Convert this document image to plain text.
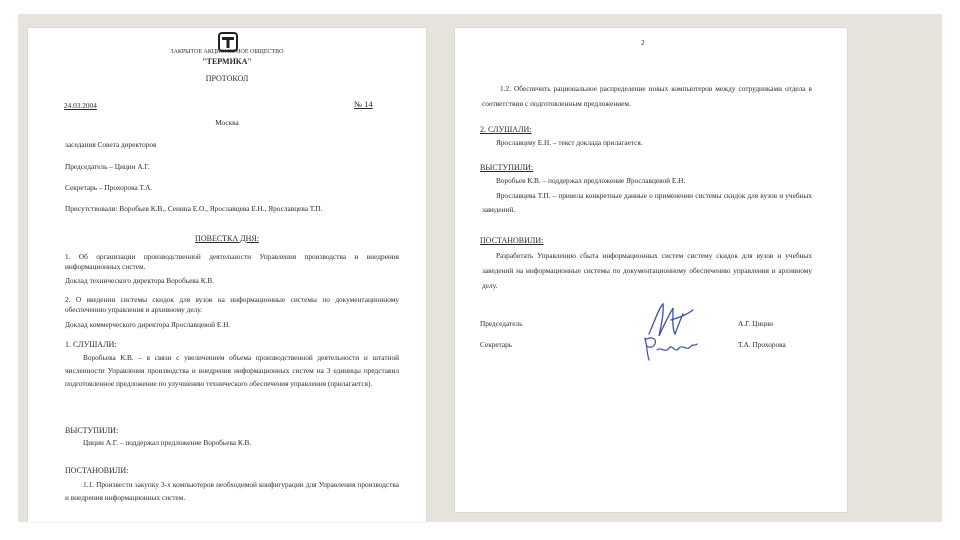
ЗАКРЫТОЕ АКЦИОНЕРНОЕ ОБЩЕСТВО
"ТЕРМИКА"
ПРОТОКОЛ
24.03.2004	№ 14
Москва
заседания Совета директоров
Председатель – Цицин А.Г.
Секретарь – Прохорова Т.А.
Присутствовали: Воробьев К.В., Сенина Е.О., Ярославцева Е.Н., Ярославцева Т.П.
ПОВЕСТКА ДНЯ:
1. Об организации производственной деятельности Управления производства и внедрения информационных систем.
Доклад технического директора Воробьева К.В.
2. О введении системы скидок для вузов на информационные системы по документационному обеспечению управления и архивному делу.
Доклад коммерческого директора Ярославцевой Е.Н.
1. СЛУШАЛИ:
Воробьева К.В. – в связи с увеличением объема производственной деятельности и штатной численности Управления производства и внедрения информационных систем на 3 единицы представил подготовленное предложение по улучшению технического обеспечения управления (прилагается).
ВЫСТУПИЛИ:
Цицин А.Г. – поддержал предложение Воробьева К.В.
ПОСТАНОВИЛИ:
1.1. Произвести закупку 3-х компьютеров необходимой конфигурации для Управления производства и внедрения информационных систем.
2
1.2. Обеспечить рациональное распределение новых компьютеров между сотрудниками отдела в соответствии с подготовленным предложением.
2. СЛУШАЛИ:
Ярославцеву Е.Н. – текст доклада прилагается.
ВЫСТУПИЛИ:
Воробьев К.В. – поддержал предложение Ярославцевой Е.Н.
Ярославцева Т.П. – привела конкретные данные о применении системы скидок для вузов и учебных заведений.
ПОСТАНОВИЛИ:
Разработать Управлению сбыта информационных систем систему скидок для вузов и учебных заведений на информационные системы по документационному обеспечению управления и архивному делу.
Председатель	А.Г. Цицин
Секретарь	Т.А. Прохорова
